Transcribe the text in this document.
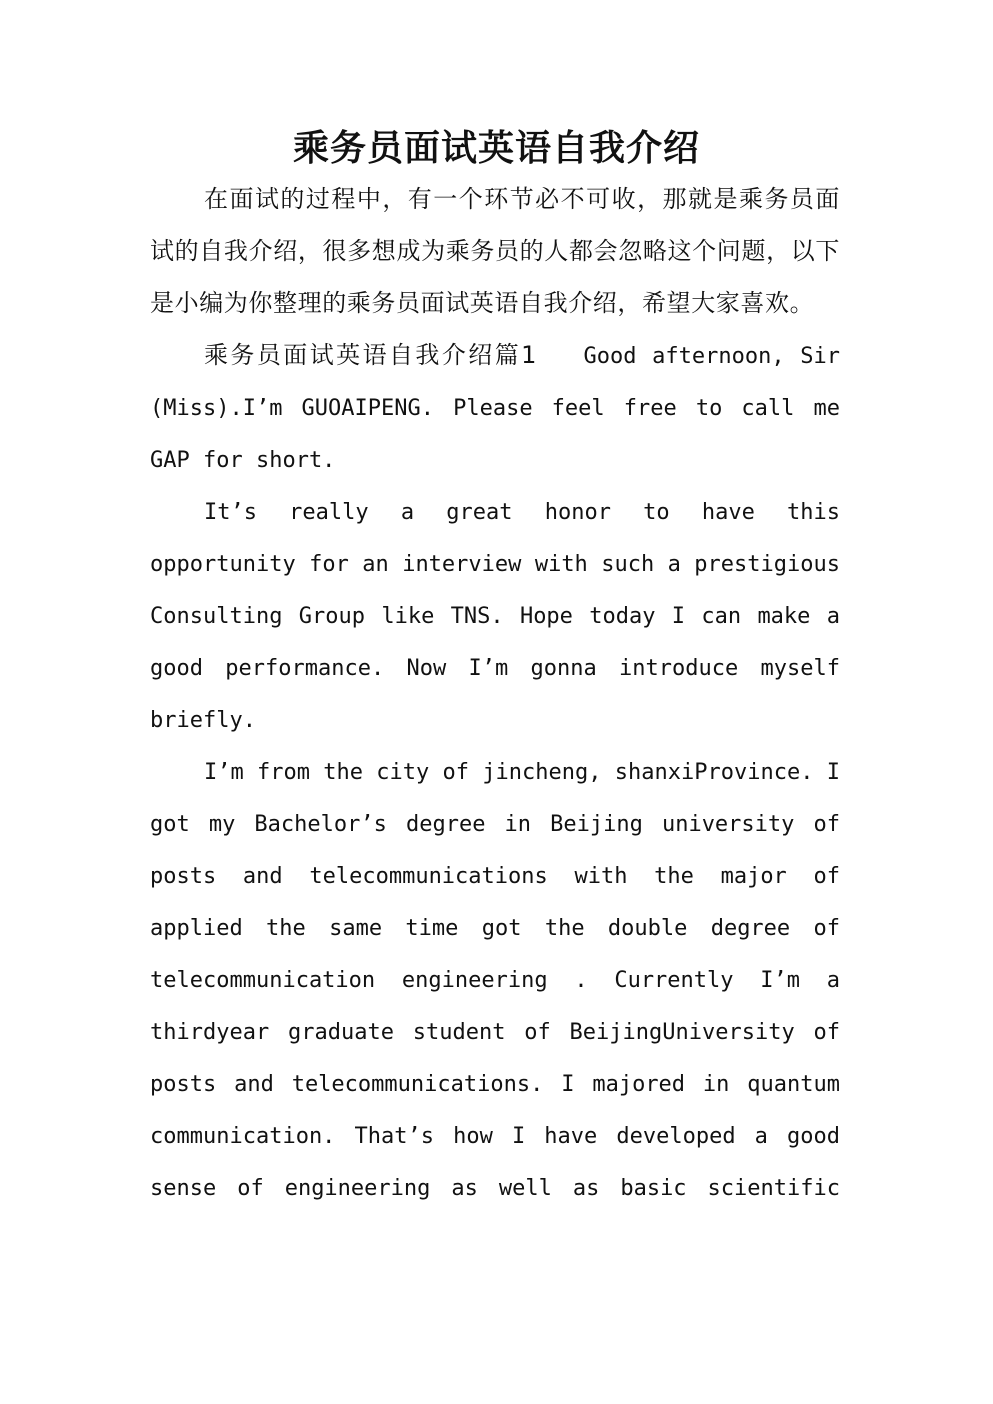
乘务员面试英语自我介绍

在面试的过程中，有一个环节必不可收，那就是乘务员面试的自我介绍，很多想成为乘务员的人都会忽略这个问题，以下是小编为你整理的乘务员面试英语自我介绍，希望大家喜欢。

乘务员面试英语自我介绍篇1 Good afternoon, Sir (Miss).I’m GUOAIPENG. Please feel free to call me GAP for short.

It’s really a great honor to have this opportunity for an interview with such a prestigious Consulting Group like TNS. Hope today I can make a good performance. Now I’m gonna introduce myself briefly.

I’m from the city of jincheng, shanxiProvince. I got my Bachelor’s degree in Beijing university of posts and telecommunications with the major of applied the same time got the double degree of telecommunication engineering . Currently I’m a thirdyear graduate student of BeijingUniversity of posts and telecommunications. I majored in quantum communication. That’s how I have developed a good sense of engineering as well as basic scientific
